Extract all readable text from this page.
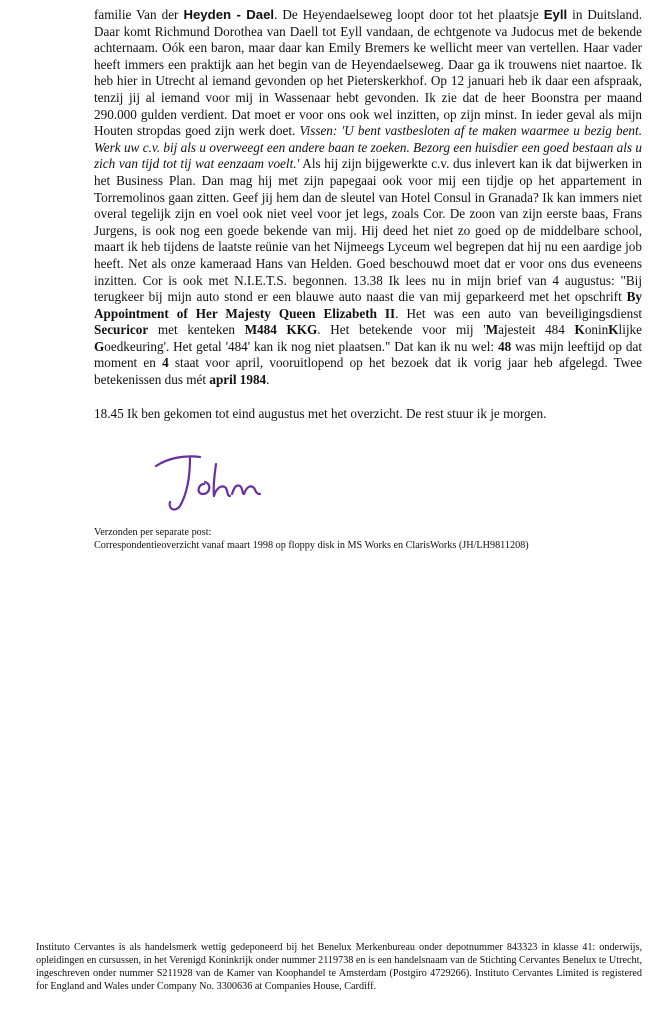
familie Van der Heyden - Dael. De Heyendaelseweg loopt door tot het plaatsje Eyll in Duitsland. Daar komt Richmund Dorothea van Daell tot Eyll vandaan, de echtgenote va Judocus met de bekende achternaam. Oók een baron, maar daar kan Emily Bremers ke wellicht meer van vertellen. Haar vader heeft immers een praktijk aan het begin van de Heyendaelseweg. Daar ga ik trouwens niet naartoe. Ik heb hier in Utrecht al iemand gevonden op het Pieterskerkhof. Op 12 januari heb ik daar een afspraak, tenzij jij al iemand voor mij in Wassenaar hebt gevonden. Ik zie dat de heer Boonstra per maand 290.000 gulden verdient. Dat moet er voor ons ook wel inzitten, op zijn minst. In ieder geval als mijn Houten stropdas goed zijn werk doet. Vissen: 'U bent vastbesloten af te maken waarmee u bezig bent. Werk uw c.v. bij als u overweegt een andere baan te zoeken. Bezorg een huisdier een goed bestaan als u zich van tijd tot tij wat eenzaam voelt.' Als hij zijn bijgewerkte c.v. dus inlevert kan ik dat bijwerken in het Business Plan. Dan mag hij met zijn papegaai ook voor mij een tijdje op het appartement in Torremolinos gaan zitten. Geef jij hem dan de sleutel van Hotel Consul in Granada? Ik kan immers niet overal tegelijk zijn en voel ook niet veel voor jet legs, zoals Cor. De zoon van zijn eerste baas, Frans Jurgens, is ook nog een goede bekende van mij. Hij deed het niet zo goed op de middelbare school, maart ik heb tijdens de laatste reünie van het Nijmeegs Lyceum wel begrepen dat hij nu een aardige job heeft. Net als onze kameraad Hans van Helden. Goed beschouwd moet dat er voor ons dus eveneens inzitten. Cor is ook met N.I.E.T.S. begonnen. 13.38 Ik lees nu in mijn brief van 4 augustus: "Bij terugkeer bij mijn auto stond er een blauwe auto naast die van mij geparkeerd met het opschrift By Appointment of Her Majesty Queen Elizabeth II. Het was een auto van beveiligingsdienst Securicor met kenteken M484 KKG. Het betekende voor mij 'Majesteit 484 KoninKlijke Goedkeuring'. Het getal '484' kan ik nog niet plaatsen." Dat kan ik nu wel: 48 was mijn leeftijd op dat moment en 4 staat voor april, vooruitlopend op het bezoek dat ik vorig jaar heb afgelegd. Twee betekenissen dus mét april 1984.

18.45 Ik ben gekomen tot eind augustus met het overzicht. De rest stuur ik je morgen.

Verzonden per separate post:
Correspondentieoverzicht vanaf maart 1998 op floppy disk in MS Works en ClarisWorks (JH/LH9811208)
Instituto Cervantes is als handelsmerk wettig gedeponeerd bij het Benelux Merkenbureau onder depotnummer 843323 in klasse 41: onderwijs, opleidingen en cursussen, in het Verenigd Koninkrijk onder nummer 2119738 en is een handelsnaam van de Stichting Cervantes Benelux te Utrecht, ingeschreven onder nummer S211928 van de Kamer van Koophandel te Amsterdam (Postgiro 4729266). Instituto Cervantes Limited is registered for England and Wales under Company No. 3300636 at Companies House, Cardiff.
